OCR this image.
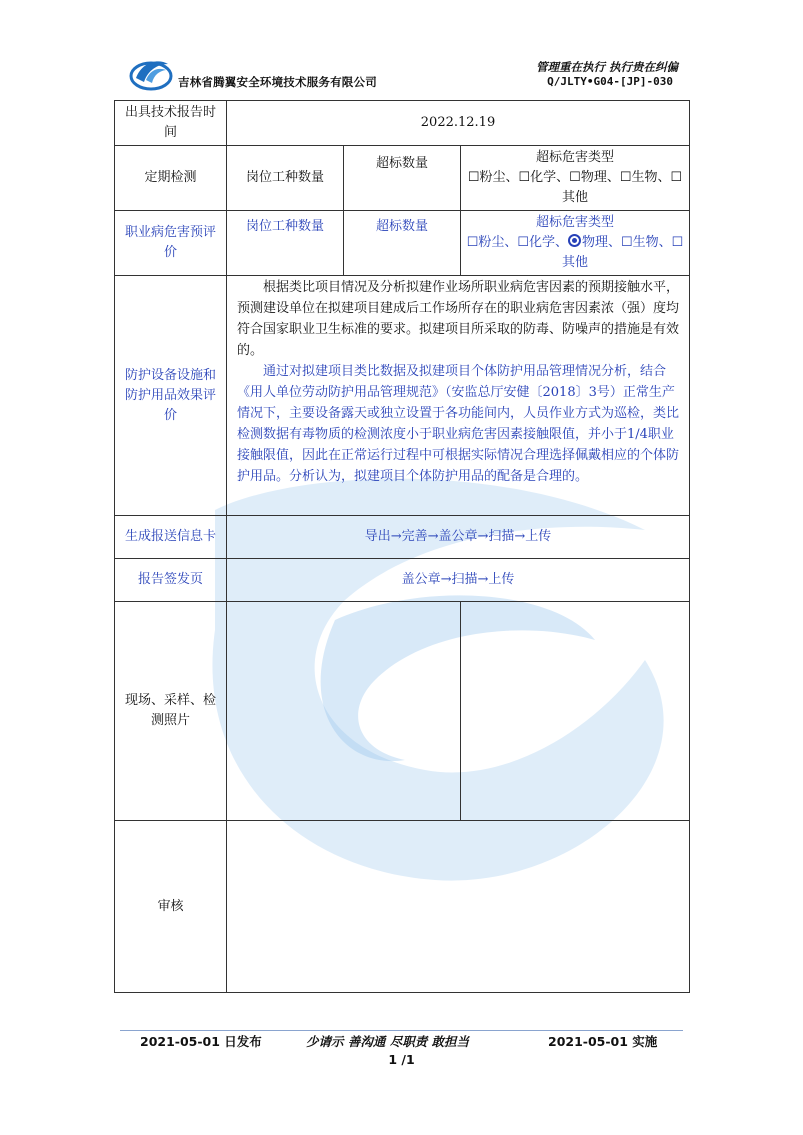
吉林省腾翼安全环境技术服务有限公司
管理重在执行 执行贵在纠偏
Q/JLTY•G04-[JP]-030
出具技术报告时间	2022.12.19		
定期检测	岗位工种数量	超标数量	超标危害类型
☐粉尘、☐化学、☐物理、☐生物、☐其他

职业病危害预评价	岗位工种数量	超标数量	超标危害类型
☐粉尘、☐化学、 物理、☐生物、☐其他

防护设备设施和防护用品效果评价	根据类比项目情况及分析拟建作业场所职业病危害因素的预期接触水平，预测建设单位在拟建项目建成后工作场所存在的职业病危害因素浓（强）度均符合国家职业卫生标准的要求。拟建项目所采取的防毒、防噪声的措施是有效的。
通过对拟建项目类比数据及拟建项目个体防护用品管理情况分析，结合《用人单位劳动防护用品管理规范》（安监总厅安健〔2018〕3号）正常生产情况下，主要设备露天或独立设置于各功能间内，人员作业方式为巡检，类比检测数据有毒物质的检测浓度小于职业病危害因素接触限值，并小于1/4职业接触限值，因此在正常运行过程中可根据实际情况合理选择佩戴相应的个体防护用品。分析认为，拟建项目个体防护用品的配备是合理的。		

生成报送信息卡	导出→完善→盖公章→扫描→上传		
报告签发页	盖公章→扫描→上传		
现场、采样、检测照片			
审核			
2021-05-01 日发布	少请示 善沟通 尽职责 敢担当	2021-05-01 实施
1 /1
